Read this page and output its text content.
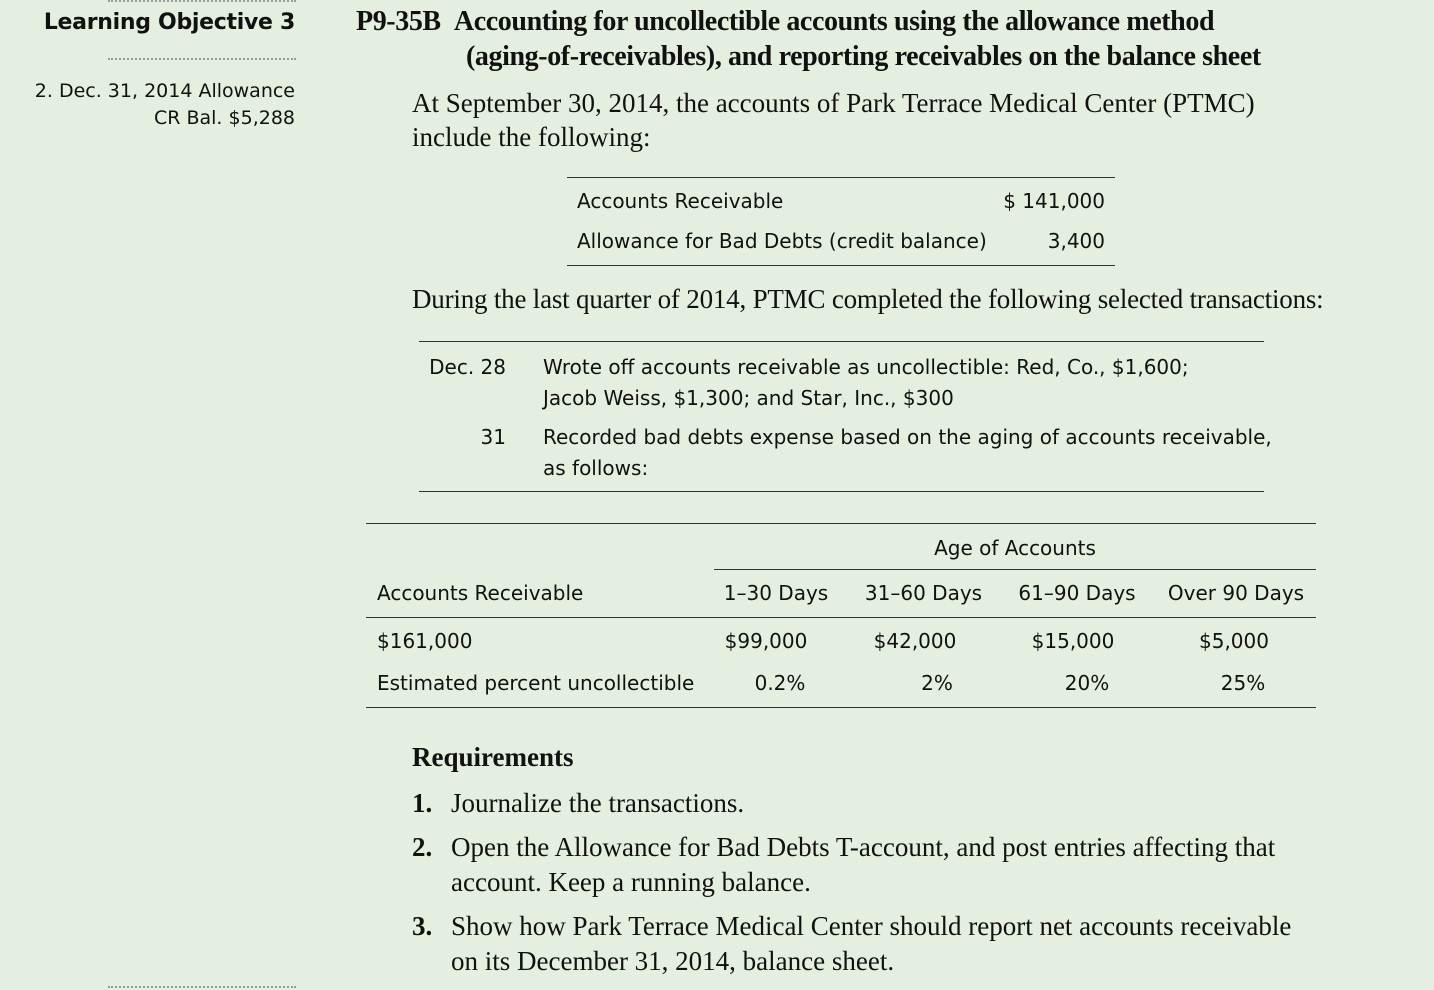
Learning Objective 3
2. Dec. 31, 2014 Allowance
CR Bal. $5,288
P9-35B Accounting for uncollectible accounts using the allowance method
(aging-of-receivables), and reporting receivables on the balance sheet
At September 30, 2014, the accounts of Park Terrace Medical Center (PTMC)
include the following:
Accounts Receivable	$ 141,000
Allowance for Bad Debts (credit balance)	3,400
During the last quarter of 2014, PTMC completed the following selected transactions:
Dec. 28 Wrote off accounts receivable as uncollectible: Red, Co., $1,600;
Jacob Weiss, $1,300; and Star, Inc., $300
31 Recorded bad debts expense based on the aging of accounts receivable,
as follows:
Age of Accounts
Accounts Receivable	1–30 Days	31–60 Days 61–90 Days Over 90 Days
$161,000	$99,000	$42,000	$15,000	$5,000
Estimated percent uncollectible	0.2%	2%	20%	25%
Requirements
1. Journalize the transactions.
2. Open the Allowance for Bad Debts T-account, and post entries affecting that
account. Keep a running balance.
3. Show how Park Terrace Medical Center should report net accounts receivable
on its December 31, 2014, balance sheet.
